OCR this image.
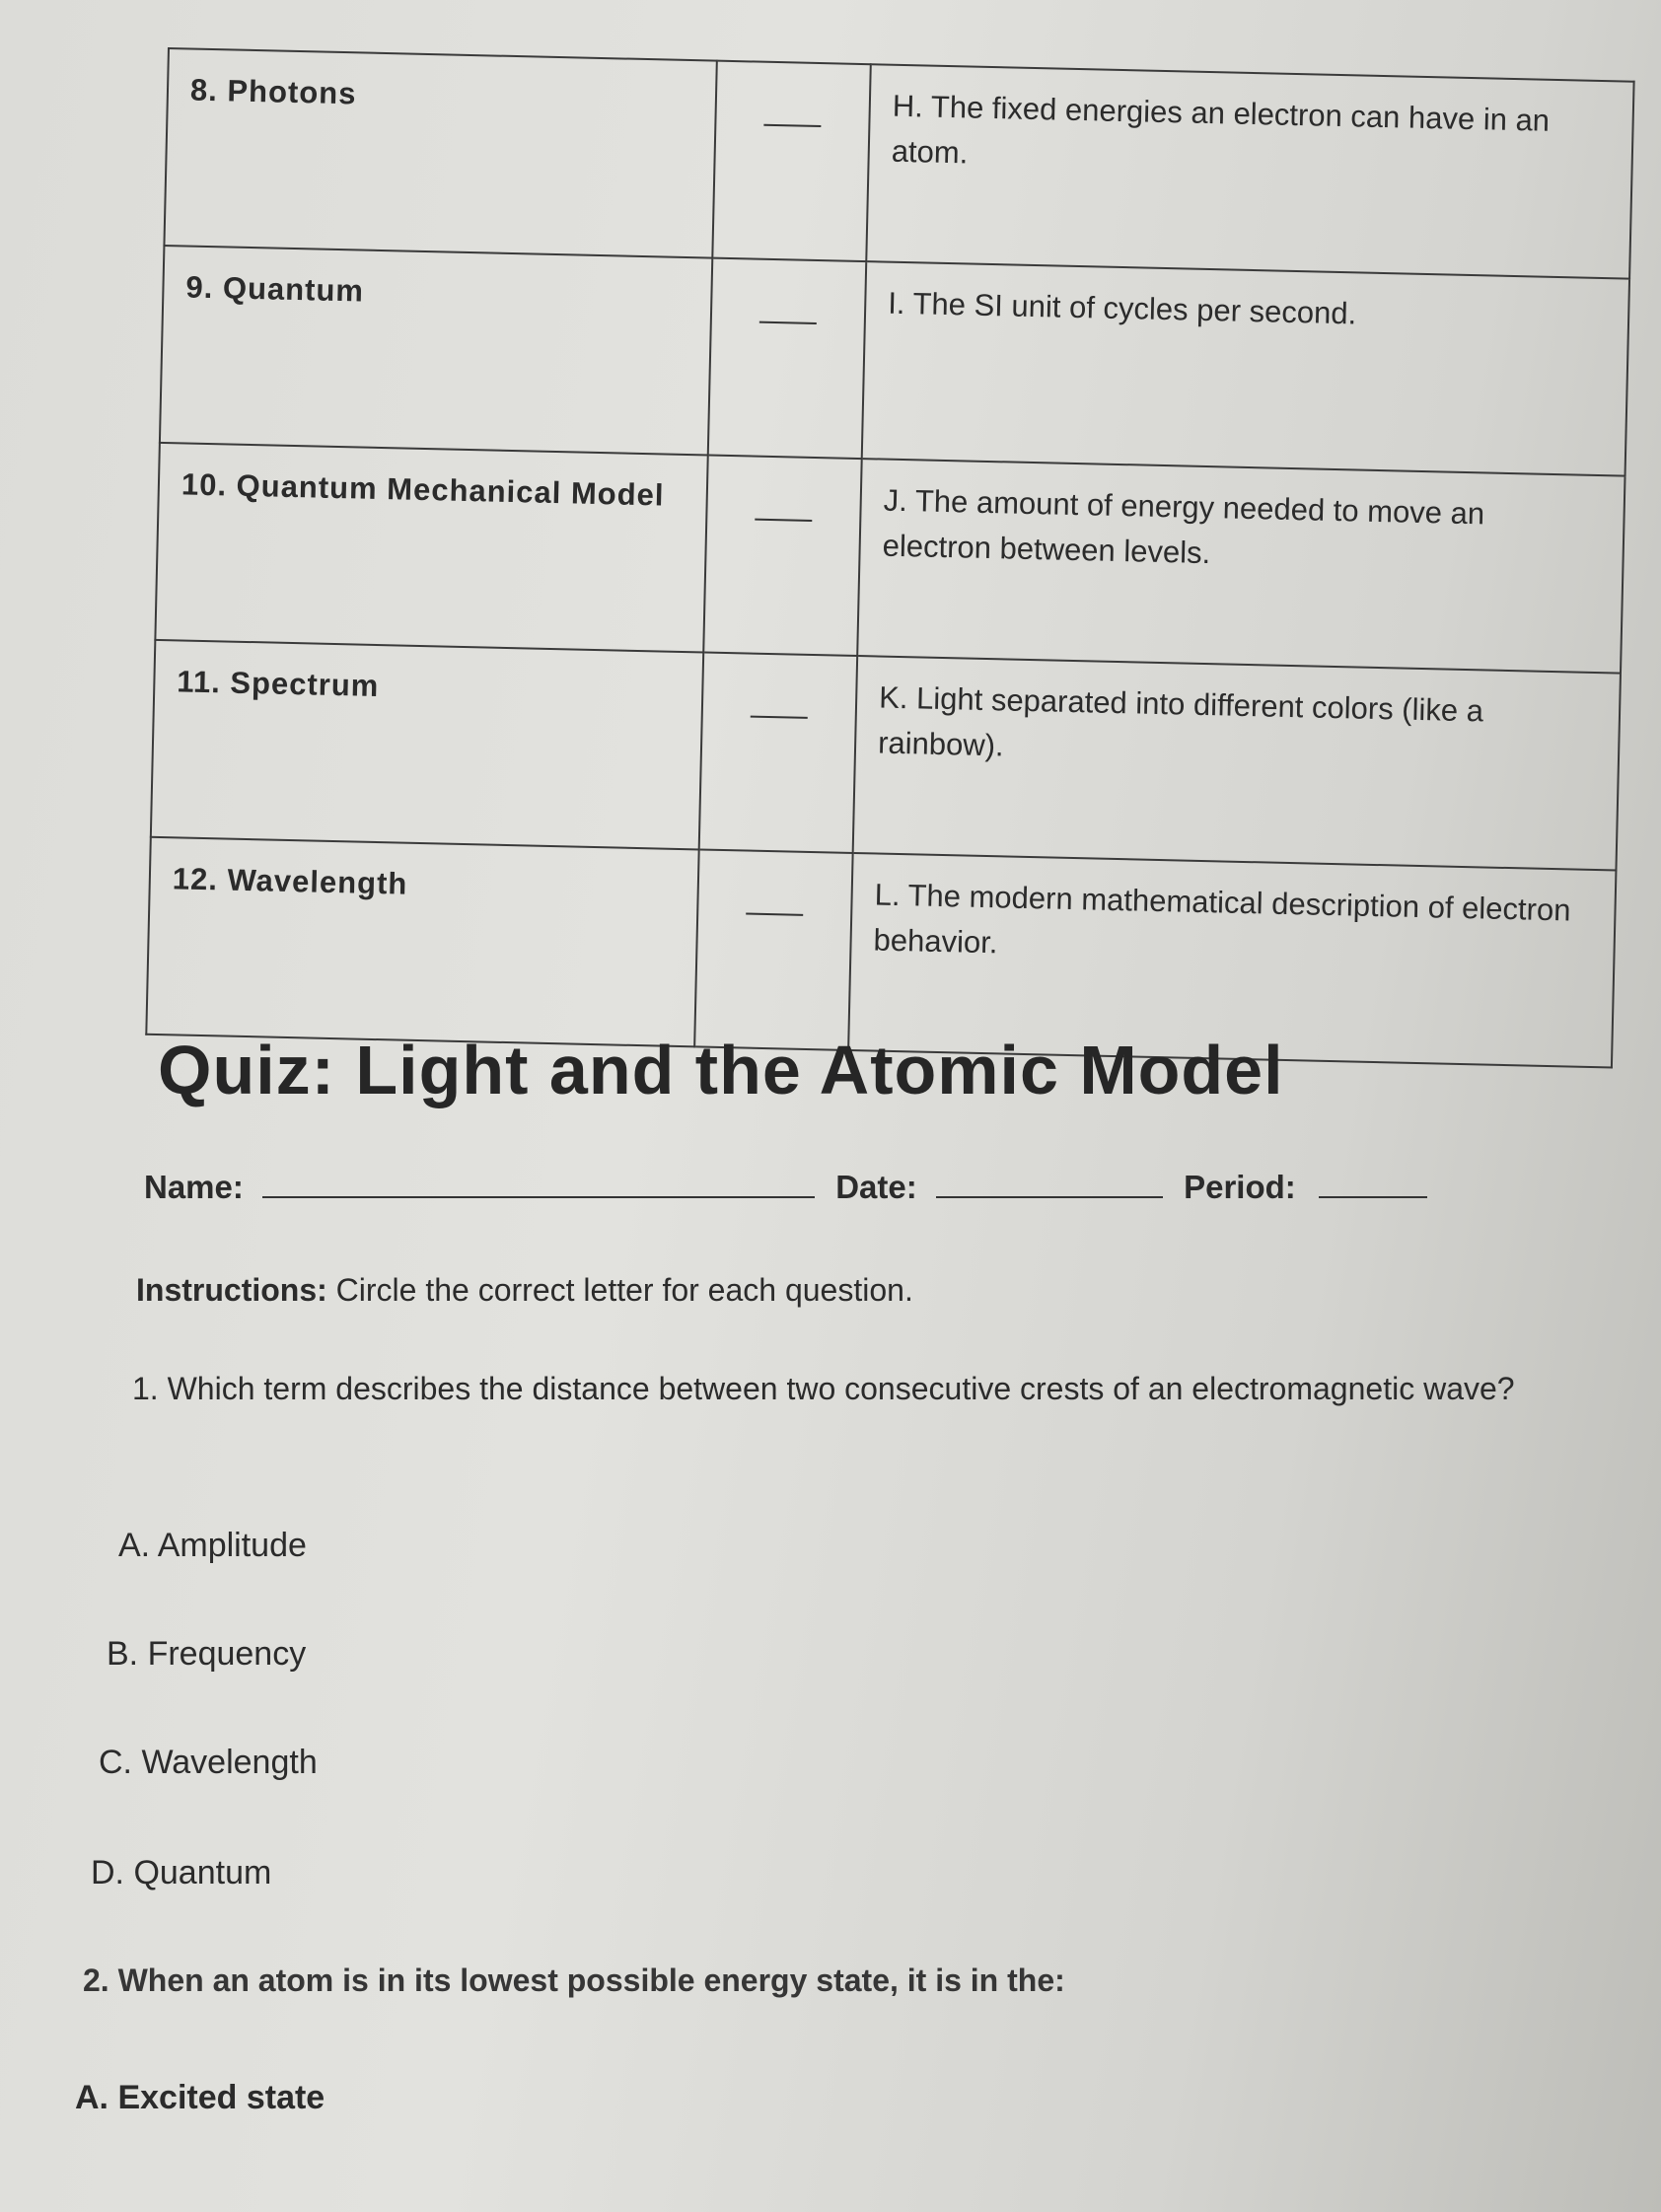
8. Photons		H. The fixed energies an electron can have in an atom.
9. Quantum		I. The SI unit of cycles per second.
10. Quantum Mechanical Model		J. The amount of energy needed to move an electron between levels.
11. Spectrum		K. Light separated into different colors (like a rainbow).
12. Wavelength		L. The modern mathematical description of electron behavior.
Quiz: Light and the Atomic Model
Name:	Date:	Period:

Instructions: Circle the correct letter for each question.

1. Which term describes the distance between two consecutive crests of an electromagnetic wave?

A. Amplitude

B. Frequency

C. Wavelength

D. Quantum

2. When an atom is in its lowest possible energy state, it is in the:

A. Excited state
